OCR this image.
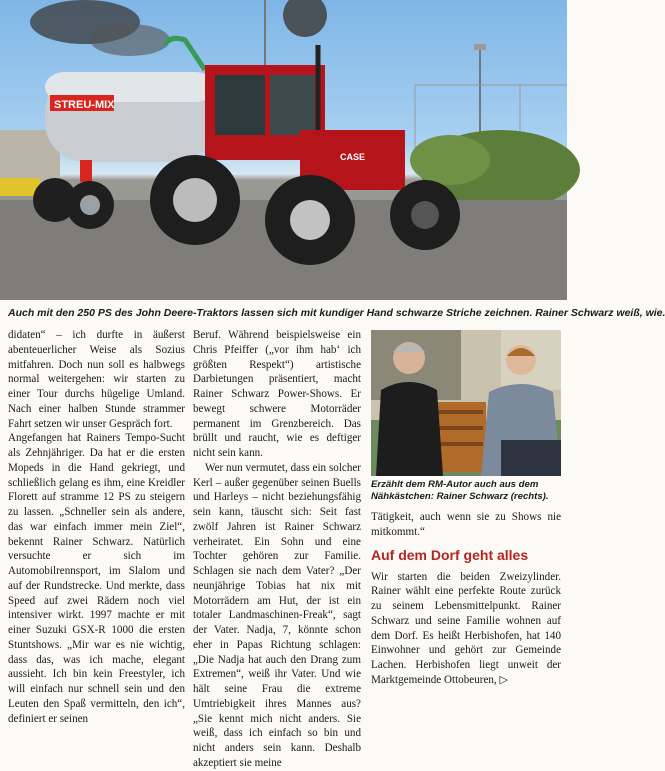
STREU-MIX
CASE
Auch mit den 250 PS des John Deere-Traktors lassen sich mit kundiger Hand schwarze Striche zeichnen. Rainer Schwarz weiß, wie.

didaten“ – ich durfte in äußerst abenteuerlicher Weise als Sozius mitfahren. Doch nun soll es halbwegs normal weitergehen: wir starten zu einer Tour durchs hügelige Umland. Nach einer halben Stunde strammer Fahrt setzen wir unser Gespräch fort.

Angefangen hat Rainers Tempo-Sucht als Zehnjähriger. Da hat er die ersten Mopeds in die Hand gekriegt, und schließlich gelang es ihm, eine Kreidler Florett auf stramme 12 PS zu steigern zu lassen. „Schneller sein als andere, das war einfach immer mein Ziel“, bekennt Rainer Schwarz. Natürlich versuchte er sich im Automobilrennsport, im Slalom und auf der Rundstrecke. Und merkte, dass Speed auf zwei Rädern noch viel intensiver wirkt. 1997 machte er mit einer Suzuki GSX-R 1000 die ersten Stuntshows. „Mir war es nie wichtig, dass das, was ich mache, elegant aussieht. Ich bin kein Freestyler, ich will einfach nur schnell sein und den Leuten den Spaß vermitteln, den ich“, definiert er seinen

Beruf. Während beispielsweise ein Chris Pfeiffer („vor ihm hab‘ ich größten Respekt“) artistische Darbietungen präsentiert, macht Rainer Schwarz Power-Shows. Er bewegt schwere Motorräder permanent im Grenzbereich. Das brüllt und raucht, wie es deftiger nicht sein kann.

Wer nun vermutet, dass ein solcher Kerl – außer gegenüber seinen Buells und Harleys – nicht beziehungsfähig sein kann, täuscht sich: Seit fast zwölf Jahren ist Rainer Schwarz verheiratet. Ein Sohn und eine Tochter gehören zur Familie. Schlagen sie nach dem Vater? „Der neunjährige Tobias hat nix mit Motorrädern am Hut, der ist ein totaler Landmaschinen-Freak“, sagt der Vater. Nadja, 7, könnte schon eher in Papas Richtung schlagen: „Die Nadja hat auch den Drang zum Extremen“, weiß ihr Vater. Und wie hält seine Frau die extreme Umtriebigkeit ihres Mannes aus? „Sie kennt mich nicht anders. Sie weiß, dass ich einfach so bin und nicht anders sein kann. Deshalb akzeptiert sie meine

Erzählt dem RM-Autor auch aus dem Nähkästchen: Rainer Schwarz (rechts).

Tätigkeit, auch wenn sie zu Shows nie mitkommt.“

Auf dem Dorf geht alles

Wir starten die beiden Zweizylinder. Rainer wählt eine perfekte Route zurück zu seinem Lebensmittelpunkt. Rainer Schwarz und seine Familie wohnen auf dem Dorf. Es heißt Herbishofen, hat 140 Einwohner und gehört zur Gemeinde Lachen. Herbishofen liegt unweit der Marktgemeinde Ottobeuren, ▷
